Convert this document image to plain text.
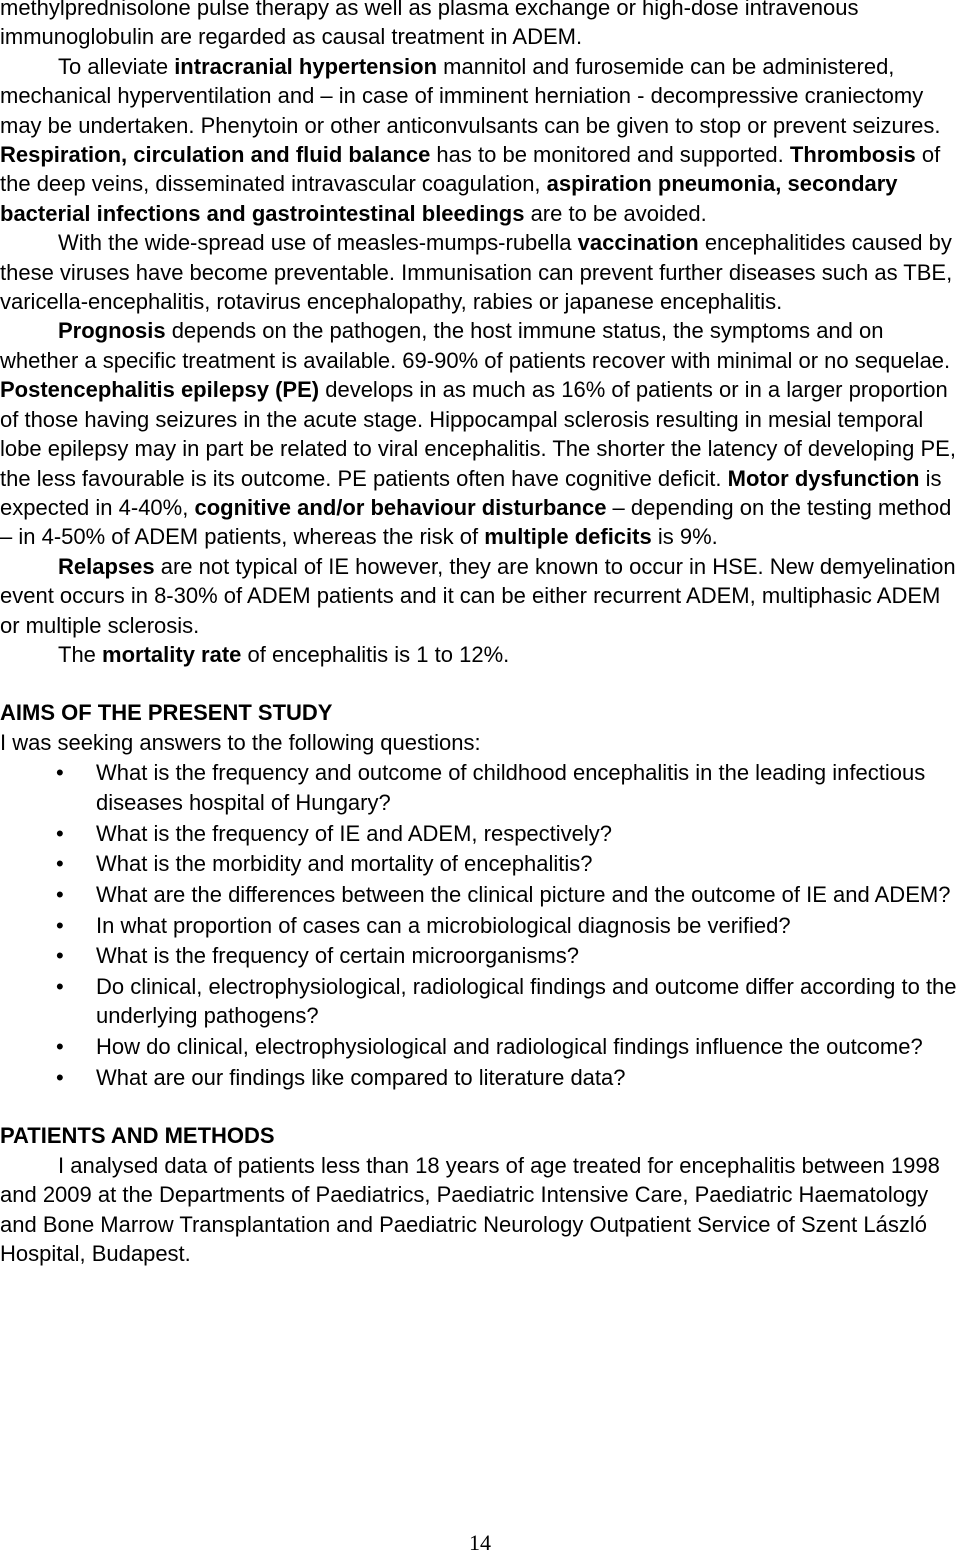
methylprednisolone pulse therapy as well as plasma exchange or high-dose intravenous immunoglobulin are regarded as causal treatment in ADEM.

To alleviate intracranial hypertension mannitol and furosemide can be administered, mechanical hyperventilation and – in case of imminent herniation - decompressive craniectomy may be undertaken. Phenytoin or other anticonvulsants can be given to stop or prevent seizures. Respiration, circulation and fluid balance has to be monitored and supported. Thrombosis of the deep veins, disseminated intravascular coagulation, aspiration pneumonia, secondary bacterial infections and gastrointestinal bleedings are to be avoided.

With the wide-spread use of measles-mumps-rubella vaccination encephalitides caused by these viruses have become preventable. Immunisation can prevent further diseases such as TBE, varicella-encephalitis, rotavirus encephalopathy, rabies or japanese encephalitis.

Prognosis depends on the pathogen, the host immune status, the symptoms and on whether a specific treatment is available. 69-90% of patients recover with minimal or no sequelae. Postencephalitis epilepsy (PE) develops in as much as 16% of patients or in a larger proportion of those having seizures in the acute stage. Hippocampal sclerosis resulting in mesial temporal lobe epilepsy may in part be related to viral encephalitis. The shorter the latency of developing PE, the less favourable is its outcome. PE patients often have cognitive deficit. Motor dysfunction is expected in 4-40%, cognitive and/or behaviour disturbance – depending on the testing method – in 4-50% of ADEM patients, whereas the risk of multiple deficits is 9%.

Relapses are not typical of IE however, they are known to occur in HSE. New demyelination event occurs in 8-30% of ADEM patients and it can be either recurrent ADEM, multiphasic ADEM or multiple sclerosis.

The mortality rate of encephalitis is 1 to 12%.

AIMS OF THE PRESENT STUDY

I was seeking answers to the following questions:

• What is the frequency and outcome of childhood encephalitis in the leading infectious diseases hospital of Hungary?
• What is the frequency of IE and ADEM, respectively?
• What is the morbidity and mortality of encephalitis?
• What are the differences between the clinical picture and the outcome of IE and ADEM?
• In what proportion of cases can a microbiological diagnosis be verified?
• What is the frequency of certain microorganisms?
• Do clinical, electrophysiological, radiological findings and outcome differ according to the underlying pathogens?
• How do clinical, electrophysiological and radiological findings influence the outcome?
• What are our findings like compared to literature data?

PATIENTS AND METHODS

I analysed data of patients less than 18 years of age treated for encephalitis between 1998 and 2009 at the Departments of Paediatrics, Paediatric Intensive Care, Paediatric Haematology and Bone Marrow Transplantation and Paediatric Neurology Outpatient Service of Szent László Hospital, Budapest.

14
